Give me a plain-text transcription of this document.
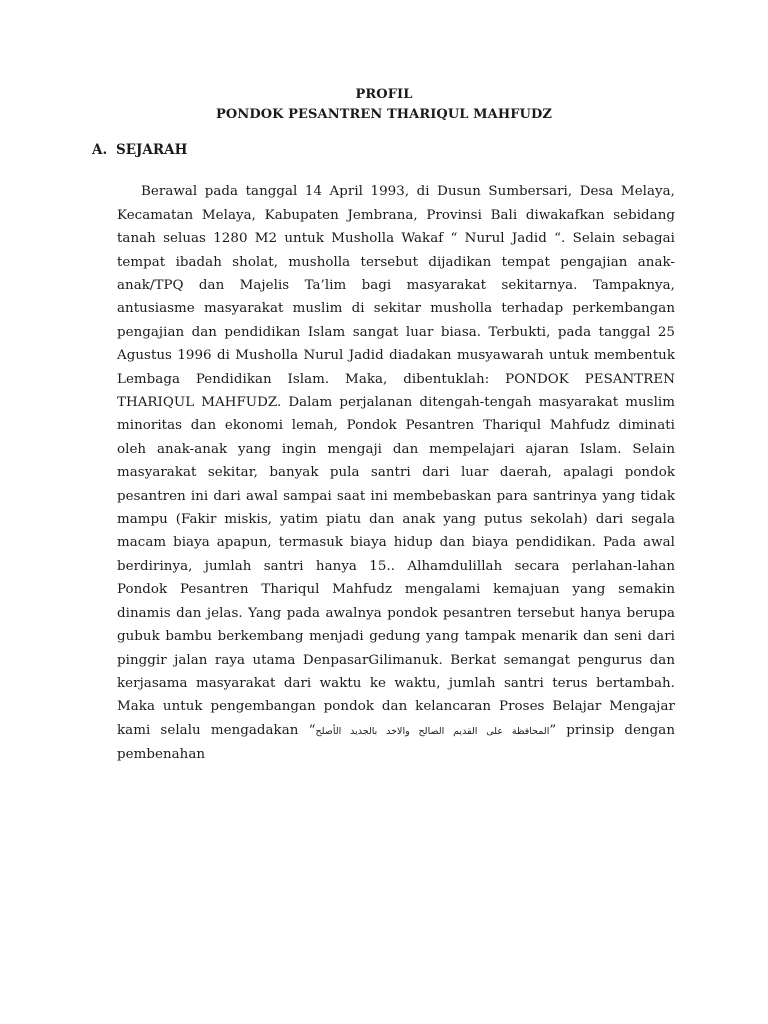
PROFIL
PONDOK PESANTREN THARIQUL MAHFUDZ
A. SEJARAH

Berawal pada tanggal 14 April 1993, di Dusun Sumbersari, Desa Melaya, Kecamatan Melaya, Kabupaten Jembrana, Provinsi Bali diwakafkan sebidang tanah seluas 1280 M2 untuk Musholla Wakaf “ Nurul Jadid “. Selain sebagai tempat ibadah sholat, musholla tersebut dijadikan tempat pengajian anak-anak/TPQ dan Majelis Ta’lim bagi masyarakat sekitarnya. Tampaknya, antusiasme masyarakat muslim di sekitar musholla terhadap perkembangan pengajian dan pendidikan Islam sangat luar biasa. Terbukti, pada tanggal 25 Agustus 1996 di Musholla Nurul Jadid diadakan musyawarah untuk membentuk Lembaga Pendidikan Islam. Maka, dibentuklah: PONDOK PESANTREN THARIQUL MAHFUDZ. Dalam perjalanan ditengah-tengah masyarakat muslim minoritas dan ekonomi lemah, Pondok Pesantren Thariqul Mahfudz diminati oleh anak-anak yang ingin mengaji dan mempelajari ajaran Islam. Selain masyarakat sekitar, banyak pula santri dari luar daerah, apalagi pondok pesantren ini dari awal sampai saat ini membebaskan para santrinya yang tidak mampu (Fakir miskis, yatim piatu dan anak yang putus sekolah) dari segala macam biaya apapun, termasuk biaya hidup dan biaya pendidikan. Pada awal berdirinya, jumlah santri hanya 15.. Alhamdulillah secara perlahan-lahan Pondok Pesantren Thariqul Mahfudz mengalami kemajuan yang semakin dinamis dan jelas. Yang pada awalnya pondok pesantren tersebut hanya berupa gubuk bambu berkembang menjadi gedung yang tampak menarik dan seni dari pinggir jalan raya utama DenpasarGilimanuk. Berkat semangat pengurus dan kerjasama masyarakat dari waktu ke waktu, jumlah santri terus bertambah. Maka untuk pengembangan pondok dan kelancaran Proses Belajar Mengajar kami selalu mengadakan “المحافظة على القديم الصالح والاخد بالجديد الأصلح” prinsip dengan pembenahan
